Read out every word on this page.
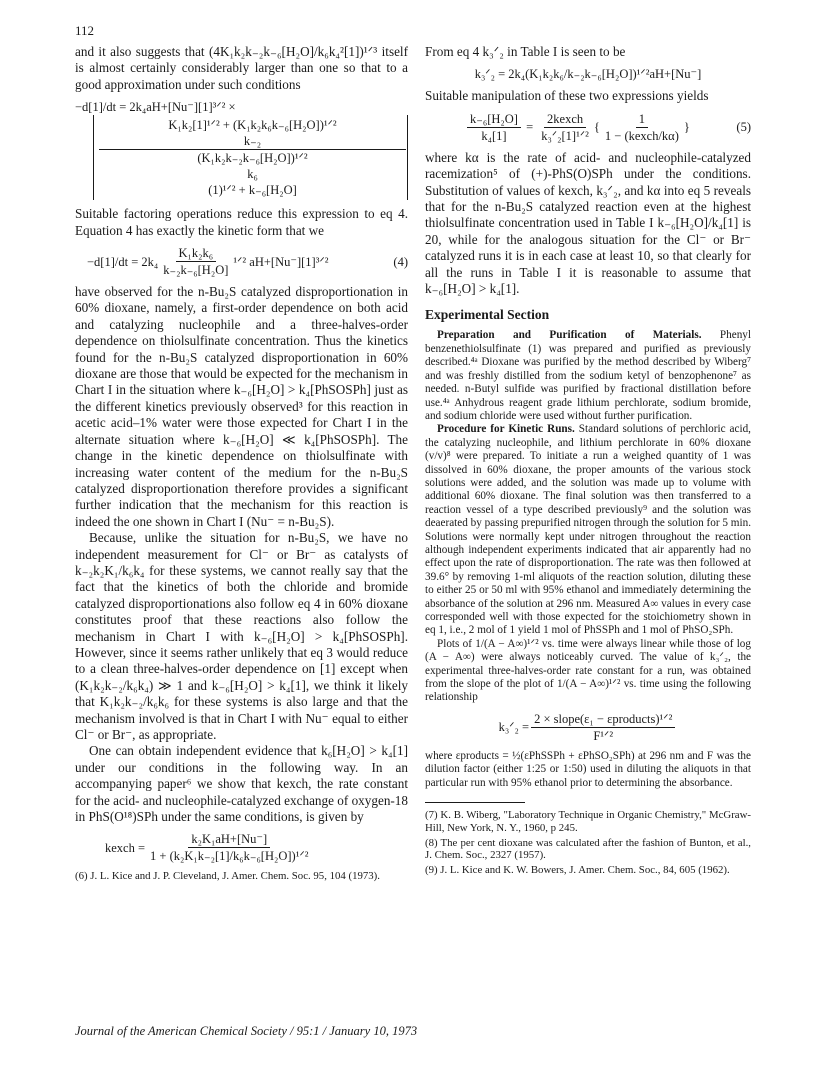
112

and it also suggests that (4K₁k₂k₋₂k₋₆[H₂O]/k₆k₄²[1])¹ᐟ³ itself is almost certainly considerably larger than one so that to a good approximation under such conditions

−d[1]/dt = 2k₄aH+[Nu⁻][1]³ᐟ² ×

K₁k₂[1]¹ᐟ² + (K₁k₂k₆k₋₆[H₂O])¹ᐟ²
k₋₂
(K₁k₂k₋₂k₋₆[H₂O])¹ᐟ²
k₆
(1)¹ᐟ² + k₋₆[H₂O]

Suitable factoring operations reduce this expression to eq 4. Equation 4 has exactly the kinetic form that we

$-d[1]/dt = 2k_4 \frac{\text{K₁k₂k₆}}{\text{k₋₂k₋₆[H₂O]}}$ ¹ᐟ² aH+[Nu⁻][1]³ᐟ²	(4)

have observed for the n-Bu₂S catalyzed disproportionation in 60% dioxane, namely, a first-order dependence on both acid and catalyzing nucleophile and a three-halves-order dependence on thiolsulfinate concentration. Thus the kinetics found for the n-Bu₂S catalyzed disproportionation in 60% dioxane are those that would be expected for the mechanism in Chart I in the situation where k₋₆[H₂O] > k₄[PhSOSPh] just as the different kinetics previously observed³ for this reaction in acetic acid–1% water were those expected for Chart I in the alternate situation where k₋₆[H₂O] ≪ k₄[PhSOSPh]. The change in the kinetic dependence on thiolsulfinate with increasing water content of the medium for the n-Bu₂S catalyzed disproportionation therefore provides a significant further indication that the mechanism for this reaction is indeed the one shown in Chart I (Nu⁻ = n-Bu₂S).

Because, unlike the situation for n-Bu₂S, we have no independent measurement for Cl⁻ or Br⁻ as catalysts of k₋₂k₂K₁/k₆k₄ for these systems, we cannot really say that the fact that the kinetics of both the chloride and bromide catalyzed disproportionations also follow eq 4 in 60% dioxane constitutes proof that these reactions also follow the mechanism in Chart I with k₋₆[H₂O] > k₄[PhSOSPh]. However, since it seems rather unlikely that eq 3 would reduce to a clean three-halves-order dependence on [1] except when (K₁k₂k₋₂/k₆k₄) ≫ 1 and k₋₆[H₂O] > k₄[1], we think it likely that K₁k₂k₋₂/k₆k₆ for these systems is also large and that the mechanism involved is that in Chart I with Nu⁻ equal to either Cl⁻ or Br⁻, as appropriate.

One can obtain independent evidence that k₆[H₂O] > k₄[1] under our conditions in the following way. In an accompanying paper⁶ we show that kexch, the rate constant for the acid- and nucleophile-catalyzed exchange of oxygen-18 in PhS(O¹⁸)SPh under the same conditions, is given by

kexch = $\frac{\text{k₂K₁aH+[Nu⁻]}}{\text{1 + (k₂K₁k₋₂[1]/k₆k₋₆[H₂O])¹ᐟ²}}$

(6) J. L. Kice and J. P. Cleveland, J. Amer. Chem. Soc. 95, 104 (1973).

From eq 4 k₃ᐟ₂ in Table I is seen to be

k₃ᐟ₂ = 2k₄(K₁k₂k₆/k₋₂k₋₆[H₂O])¹ᐟ²aH+[Nu⁻]

Suitable manipulation of these two expressions yields

$\frac{\text{k₋₆[H₂O]}}{\text{k₄[1]}} = \frac{\text{2kexch}}{\text{k₃ᐟ₂[1]¹ᐟ²}}$ { $\frac{1}{\text{1 − (kexch/kα)}}$ }	(5)

where kα is the rate of acid- and nucleophile-catalyzed racemization⁵ of (+)-PhS(O)SPh under the conditions. Substitution of values of kexch, k₃ᐟ₂, and kα into eq 5 reveals that for the n-Bu₂S catalyzed reaction even at the highest thiolsulfinate concentration used in Table I k₋₆[H₂O]/k₄[1] is 20, while for the analogous situation for the Cl⁻ or Br⁻ catalyzed runs it is in each case at least 10, so that clearly for all the runs in Table I it is reasonable to assume that k₋₆[H₂O] > k₄[1].

Experimental Section

Preparation and Purification of Materials. Phenyl benzenethiolsulfinate (1) was prepared and purified as previously described.⁴ᵃ Dioxane was purified by the method described by Wiberg⁷ and was freshly distilled from the sodium ketyl of benzophenone⁷ as needed. n-Butyl sulfide was purified by fractional distillation before use.⁴ᵃ Anhydrous reagent grade lithium perchlorate, sodium bromide, and sodium chloride were used without further purification.

Procedure for Kinetic Runs. Standard solutions of perchloric acid, the catalyzing nucleophile, and lithium perchlorate in 60% dioxane (v/v)⁸ were prepared. To initiate a run a weighed quantity of 1 was dissolved in 60% dioxane, the proper amounts of the various stock solutions were added, and the solution was made up to volume with additional 60% dioxane. The final solution was then transferred to a reaction vessel of a type described previously⁹ and the solution was deaerated by passing prepurified nitrogen through the solution for 5 min. Solutions were normally kept under nitrogen throughout the reaction although independent experiments indicated that air apparently had no effect upon the rate of disproportionation. The rate was then followed at 39.6° by removing 1-ml aliquots of the reaction solution, diluting these to either 25 or 50 ml with 95% ethanol and immediately determining the absorbance of the solution at 296 nm. Measured A∞ values in every case corresponded well with those expected for the stoichiometry shown in eq 1, i.e., 2 mol of 1 yield 1 mol of PhSSPh and 1 mol of PhSO₂SPh.

Plots of 1/(A − A∞)¹ᐟ² vs. time were always linear while those of log (A − A∞) were always noticeably curved. The value of k₃ᐟ₂, the experimental three-halves-order rate constant for a run, was obtained from the slope of the plot of 1/(A − A∞)¹ᐟ² vs. time using the following relationship

k₃ᐟ₂ = $\frac{\text{2 × slope(ε₁ − εproducts)¹ᐟ²}}{\text{F¹ᐟ²}}$

where εproducts = ½(εPhSSPh + εPhSO₂SPh) at 296 nm and F was the dilution factor (either 1:25 or 1:50) used in diluting the aliquots in that particular run with 95% ethanol prior to determining the absorbance.

(7) K. B. Wiberg, "Laboratory Technique in Organic Chemistry," McGraw-Hill, New York, N. Y., 1960, p 245.

(8) The per cent dioxane was calculated after the fashion of Bunton, et al., J. Chem. Soc., 2327 (1957).

(9) J. L. Kice and K. W. Bowers, J. Amer. Chem. Soc., 84, 605 (1962).

Journal of the American Chemical Society / 95:1 / January 10, 1973
